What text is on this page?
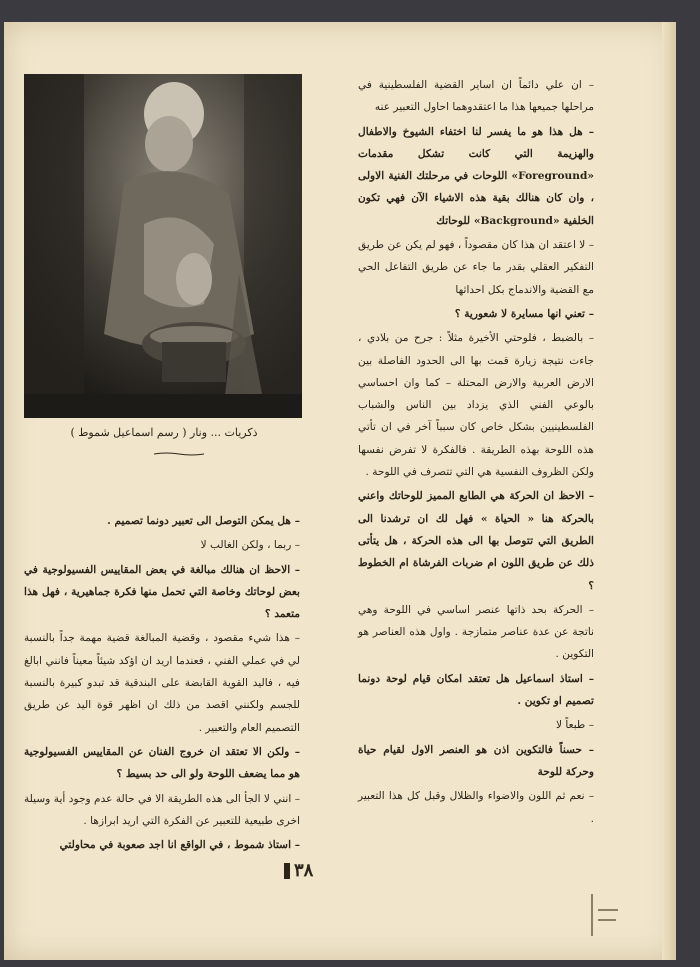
– ان علي دائماً ان اساير القضية الفلسطينية في مراحلها جميعها هذا ما اعتقدوهما احاول التعبير عنه

– هل هذا هو ما يفسر لنا اختفاء الشيوخ والاطفال والهزيمة التي كانت تشكل مقدمات «Foreground» اللوحات في مرحلتك الفنية الاولى ، وان كان هنالك بقية هذه الاشياء الآن فهي تكون الخلفية «Background» للوحاتك

– لا اعتقد ان هذا كان مقصوداً ، فهو لم يكن عن طريق التفكير العقلي بقدر ما جاء عن طريق التفاعل الحي مع القضية والاندماج بكل احداثها

– تعني انها مسايرة لا شعورية ؟

– بالضبط ، فلوحتي الأخيرة مثلاً : جرح من بلادي ، جاءت نتيجة زيارة قمت بها الى الحدود الفاصلة بين الارض العربية والارض المحتلة – كما وان احساسي بالوعي الفني الذي يزداد بين الناس والشباب الفلسطينيين بشكل خاص كان سبباً آخر في ان تأتي هذه اللوحة بهذه الطريقة . فالفكرة لا تفرض نفسها ولكن الظروف النفسية هي التي تتصرف في اللوحة .

– الاحظ ان الحركة هي الطابع المميز للوحاتك واعني بالحركة هنا « الحياة » فهل لك ان ترشدنا الى الطريق التي تتوصل بها الى هذه الحركة ، هل يتأتى ذلك عن طريق اللون ام ضربات الفرشاة ام الخطوط ؟

– الحركة بحد ذاتها عنصر اساسي في اللوحة وهي ناتجة عن عدة عناصر متمازجة . واول هذه العناصر هو التكوين .

– استاذ اسماعيل هل تعتقد امكان قيام لوحة دونما تصميم او تكوين .

– طبعاً لا

– حسناً فالتكوين اذن هو العنصر الاول لقيام حياة وحركة للوحة

– نعم ثم اللون والاضواء والظلال وقبل كل هذا التعبير .

ذكريات ... ونار ( رسم اسماعيل شموط )

– هل يمكن التوصل الى تعبير دونما تصميم .

– ربما ، ولكن الغالب لا

– الاحظ ان هنالك مبالغة في بعض المقاييس الفسيولوجية في بعض لوحاتك وخاصة التي تحمل منها فكرة جماهيرية ، فهل هذا متعمد ؟

– هذا شيء مقصود ، وقضية المبالغة قضية مهمة جداً بالنسبة لي في عملي الفني ، فعندما اريد ان اؤكد شيئاً معيناً فانني ابالغ فيه ، فاليد القوية القابضة على البندقية قد تبدو كبيرة بالنسبة للجسم ولكنني اقصد من ذلك ان اظهر قوة اليد عن طريق التصميم العام والتعبير .

– ولكن الا تعتقد ان خروج الفنان عن المقاييس الفسيولوجية هو مما يضعف اللوحة ولو الى حد بسيط ؟

– انني لا الجأ الى هذه الطريقة الا في حالة عدم وجود أية وسيلة اخرى طبيعية للتعبير عن الفكرة التي اريد ابرازها .

– استاذ شموط ، في الواقع انا اجد صعوبة في محاولتي

٣٨
